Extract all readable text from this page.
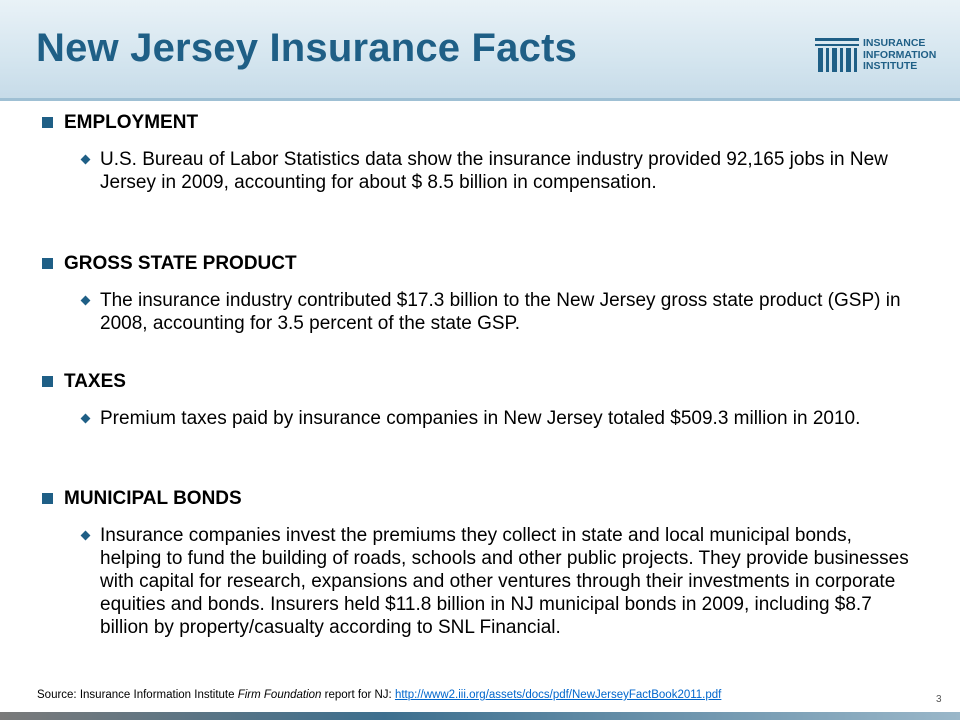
New Jersey Insurance Facts	INSURANCE
INFORMATION
INSTITUTE
EMPLOYMENT
U.S. Bureau of Labor Statistics data show the insurance industry provided 92,165 jobs in New Jersey in 2009, accounting for about $ 8.5 billion in compensation.
GROSS STATE PRODUCT
The insurance industry contributed $17.3 billion to the New Jersey gross state product (GSP) in 2008, accounting for 3.5 percent of the state GSP.
TAXES
Premium taxes paid by insurance companies in New Jersey totaled $509.3 million in 2010.
MUNICIPAL BONDS
Insurance companies invest the premiums they collect in state and local municipal bonds, helping to fund the building of roads, schools and other public projects. They provide businesses with capital for research, expansions and other ventures through their investments in corporate equities and bonds. Insurers held $11.8 billion in NJ municipal bonds in 2009, including $8.7 billion by property/casualty according to SNL Financial.
Source: Insurance Information Institute Firm Foundation report for NJ: http://www2.iii.org/assets/docs/pdf/NewJerseyFactBook2011.pdf	3
